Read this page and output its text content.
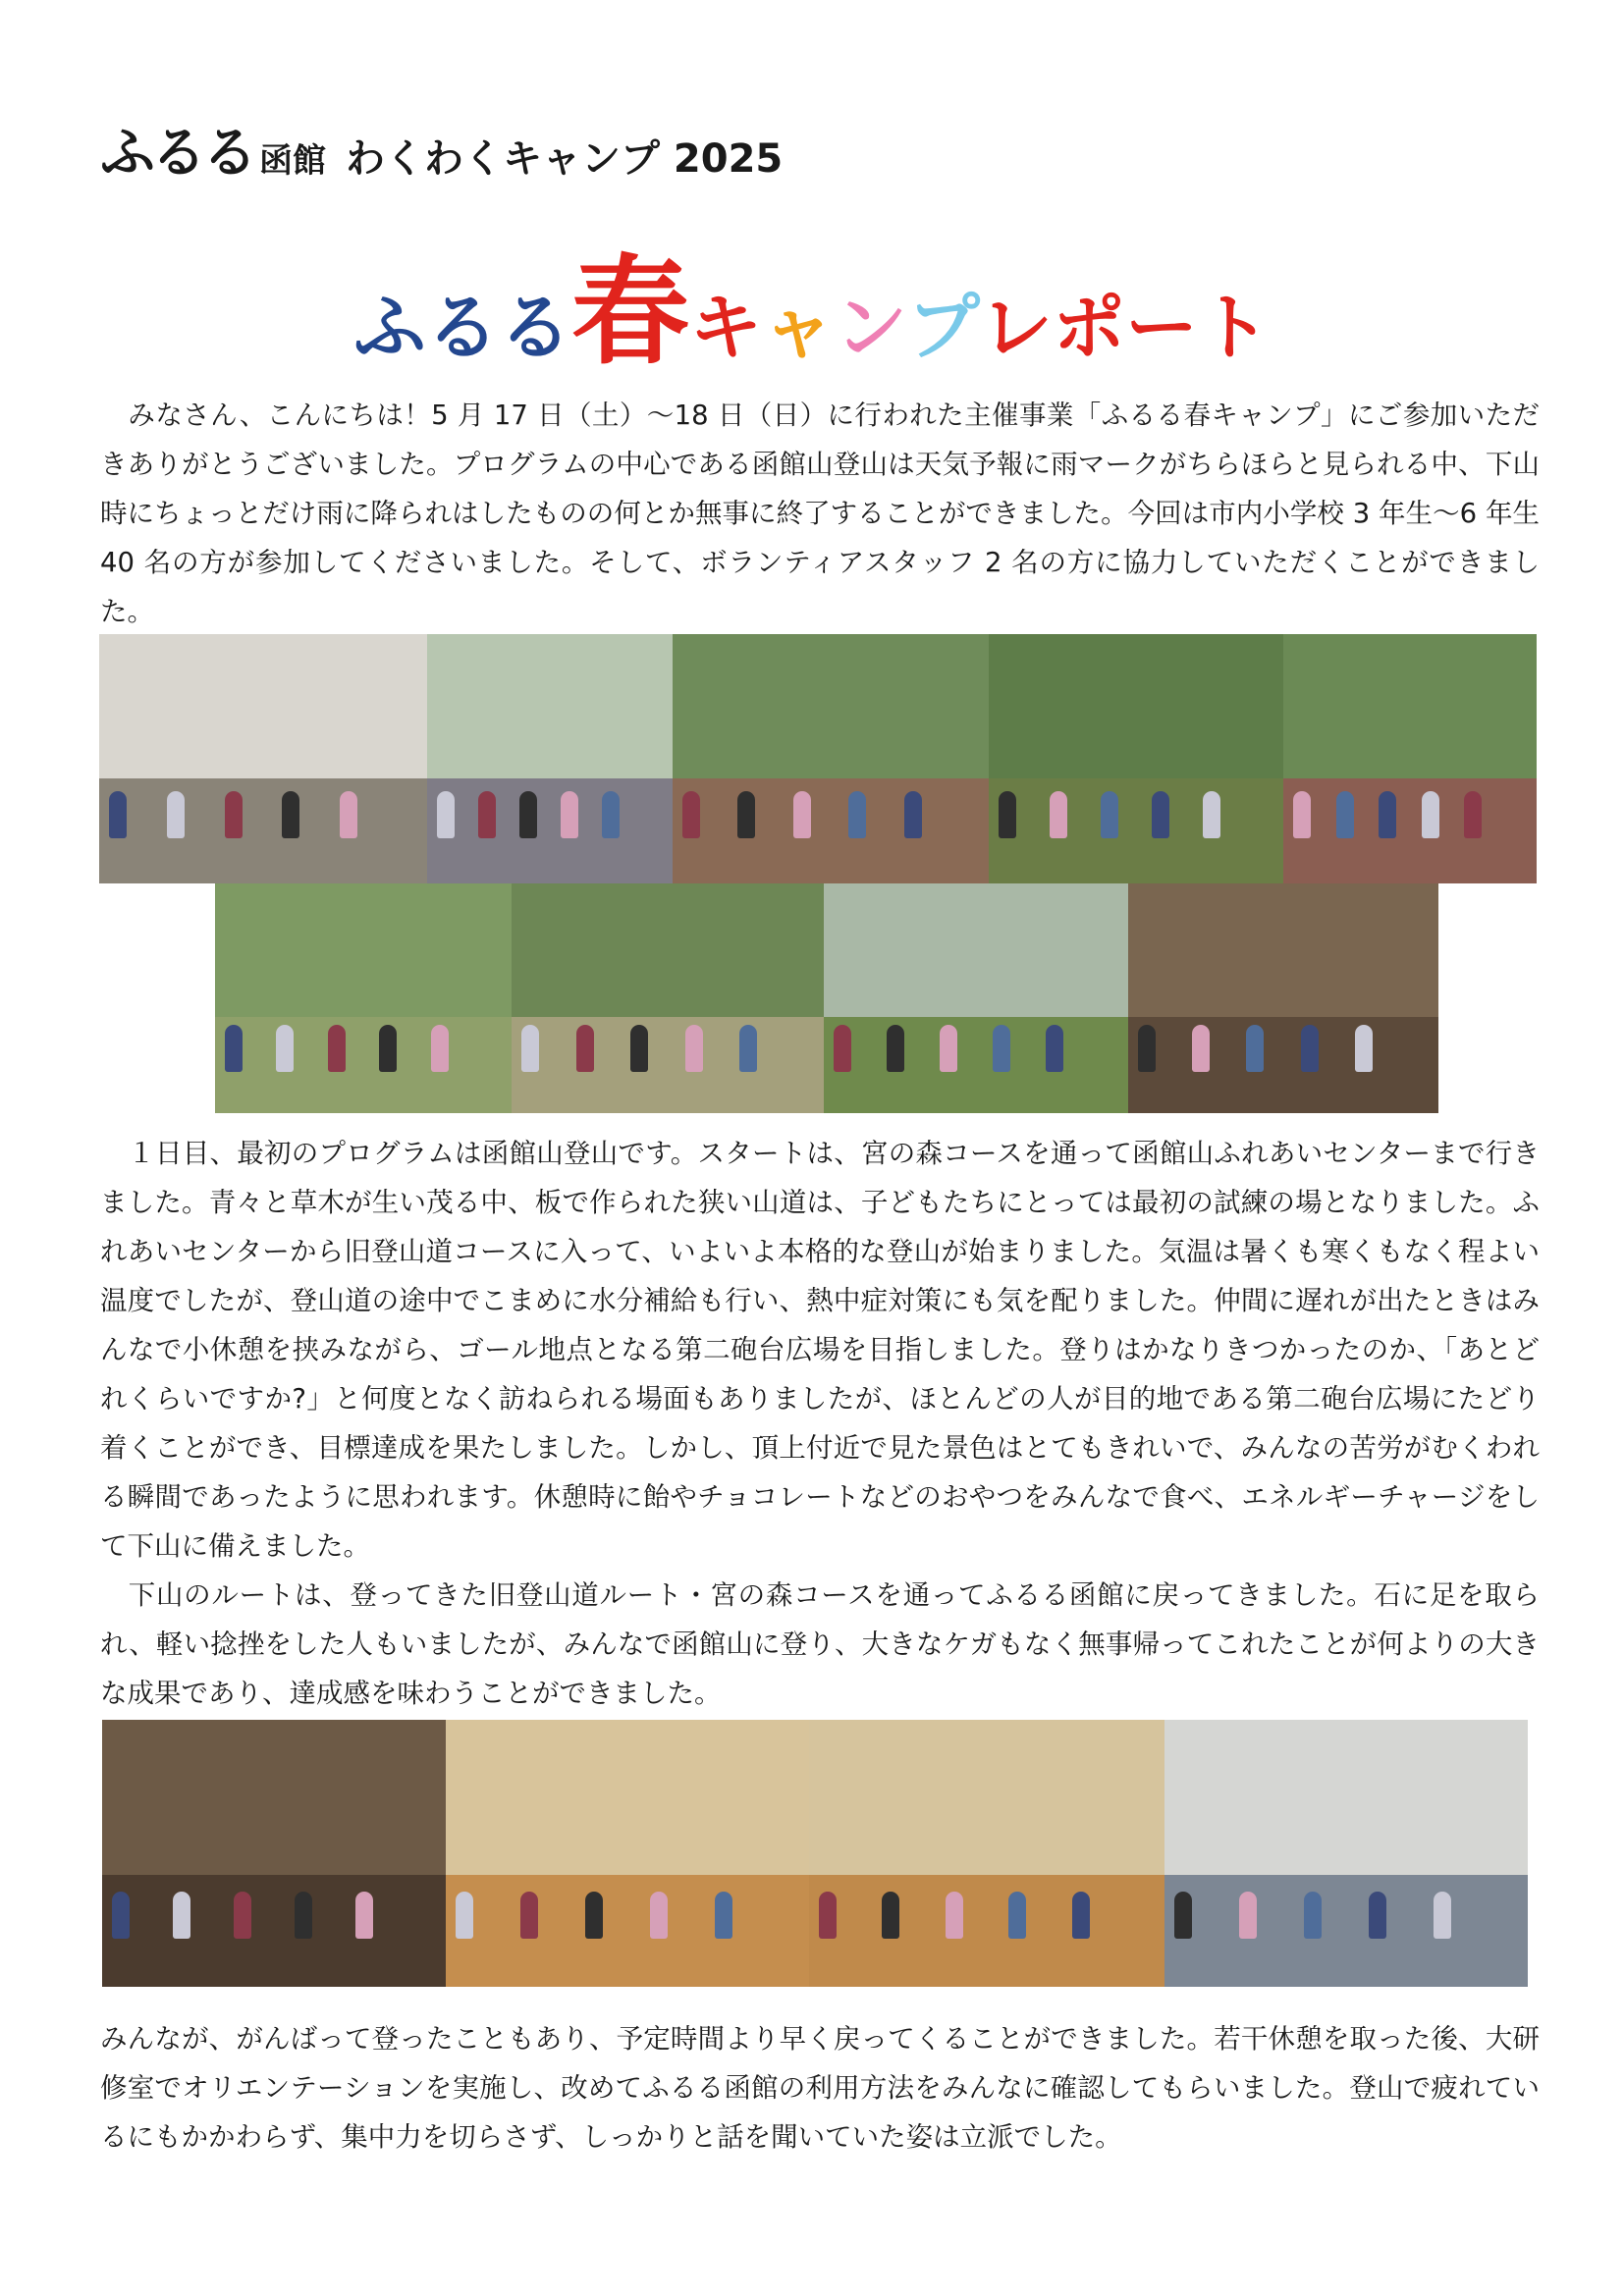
ふるる 函館 わくわくキャンプ 2025
ふるる春キャンプレポート

みなさん、こんにちは！5 月 17 日（土）～18 日（日）に行われた主催事業「ふるる春キャンプ」にご参加いただきありがとうございました。プログラムの中心である函館山登山は天気予報に雨マークがちらほらと見られる中、下山時にちょっとだけ雨に降られはしたものの何とか無事に終了することができました。今回は市内小学校 3 年生～6 年生 40 名の方が参加してくださいました。そして、ボランティアスタッフ 2 名の方に協力していただくことができました。

１日目、最初のプログラムは函館山登山です。スタートは、宮の森コースを通って函館山ふれあいセンターまで行きました。青々と草木が生い茂る中、板で作られた狭い山道は、子どもたちにとっては最初の試練の場となりました。ふれあいセンターから旧登山道コースに入って、いよいよ本格的な登山が始まりました。気温は暑くも寒くもなく程よい温度でしたが、登山道の途中でこまめに水分補給も行い、熱中症対策にも気を配りました。仲間に遅れが出たときはみんなで小休憩を挟みながら、ゴール地点となる第二砲台広場を目指しました。登りはかなりきつかったのか、「あとどれくらいですか?」と何度となく訪ねられる場面もありましたが、ほとんどの人が目的地である第二砲台広場にたどり着くことができ、目標達成を果たしました。しかし、頂上付近で見た景色はとてもきれいで、みんなの苦労がむくわれる瞬間であったように思われます。休憩時に飴やチョコレートなどのおやつをみんなで食べ、エネルギーチャージをして下山に備えました。

下山のルートは、登ってきた旧登山道ルート・宮の森コースを通ってふるる函館に戻ってきました。石に足を取られ、軽い捻挫をした人もいましたが、みんなで函館山に登り、大きなケガもなく無事帰ってこれたことが何よりの大きな成果であり、達成感を味わうことができました。

みんなが、がんばって登ったこともあり、予定時間より早く戻ってくることができました。若干休憩を取った後、大研修室でオリエンテーションを実施し、改めてふるる函館の利用方法をみんなに確認してもらいました。登山で疲れているにもかかわらず、集中力を切らさず、しっかりと話を聞いていた姿は立派でした。
